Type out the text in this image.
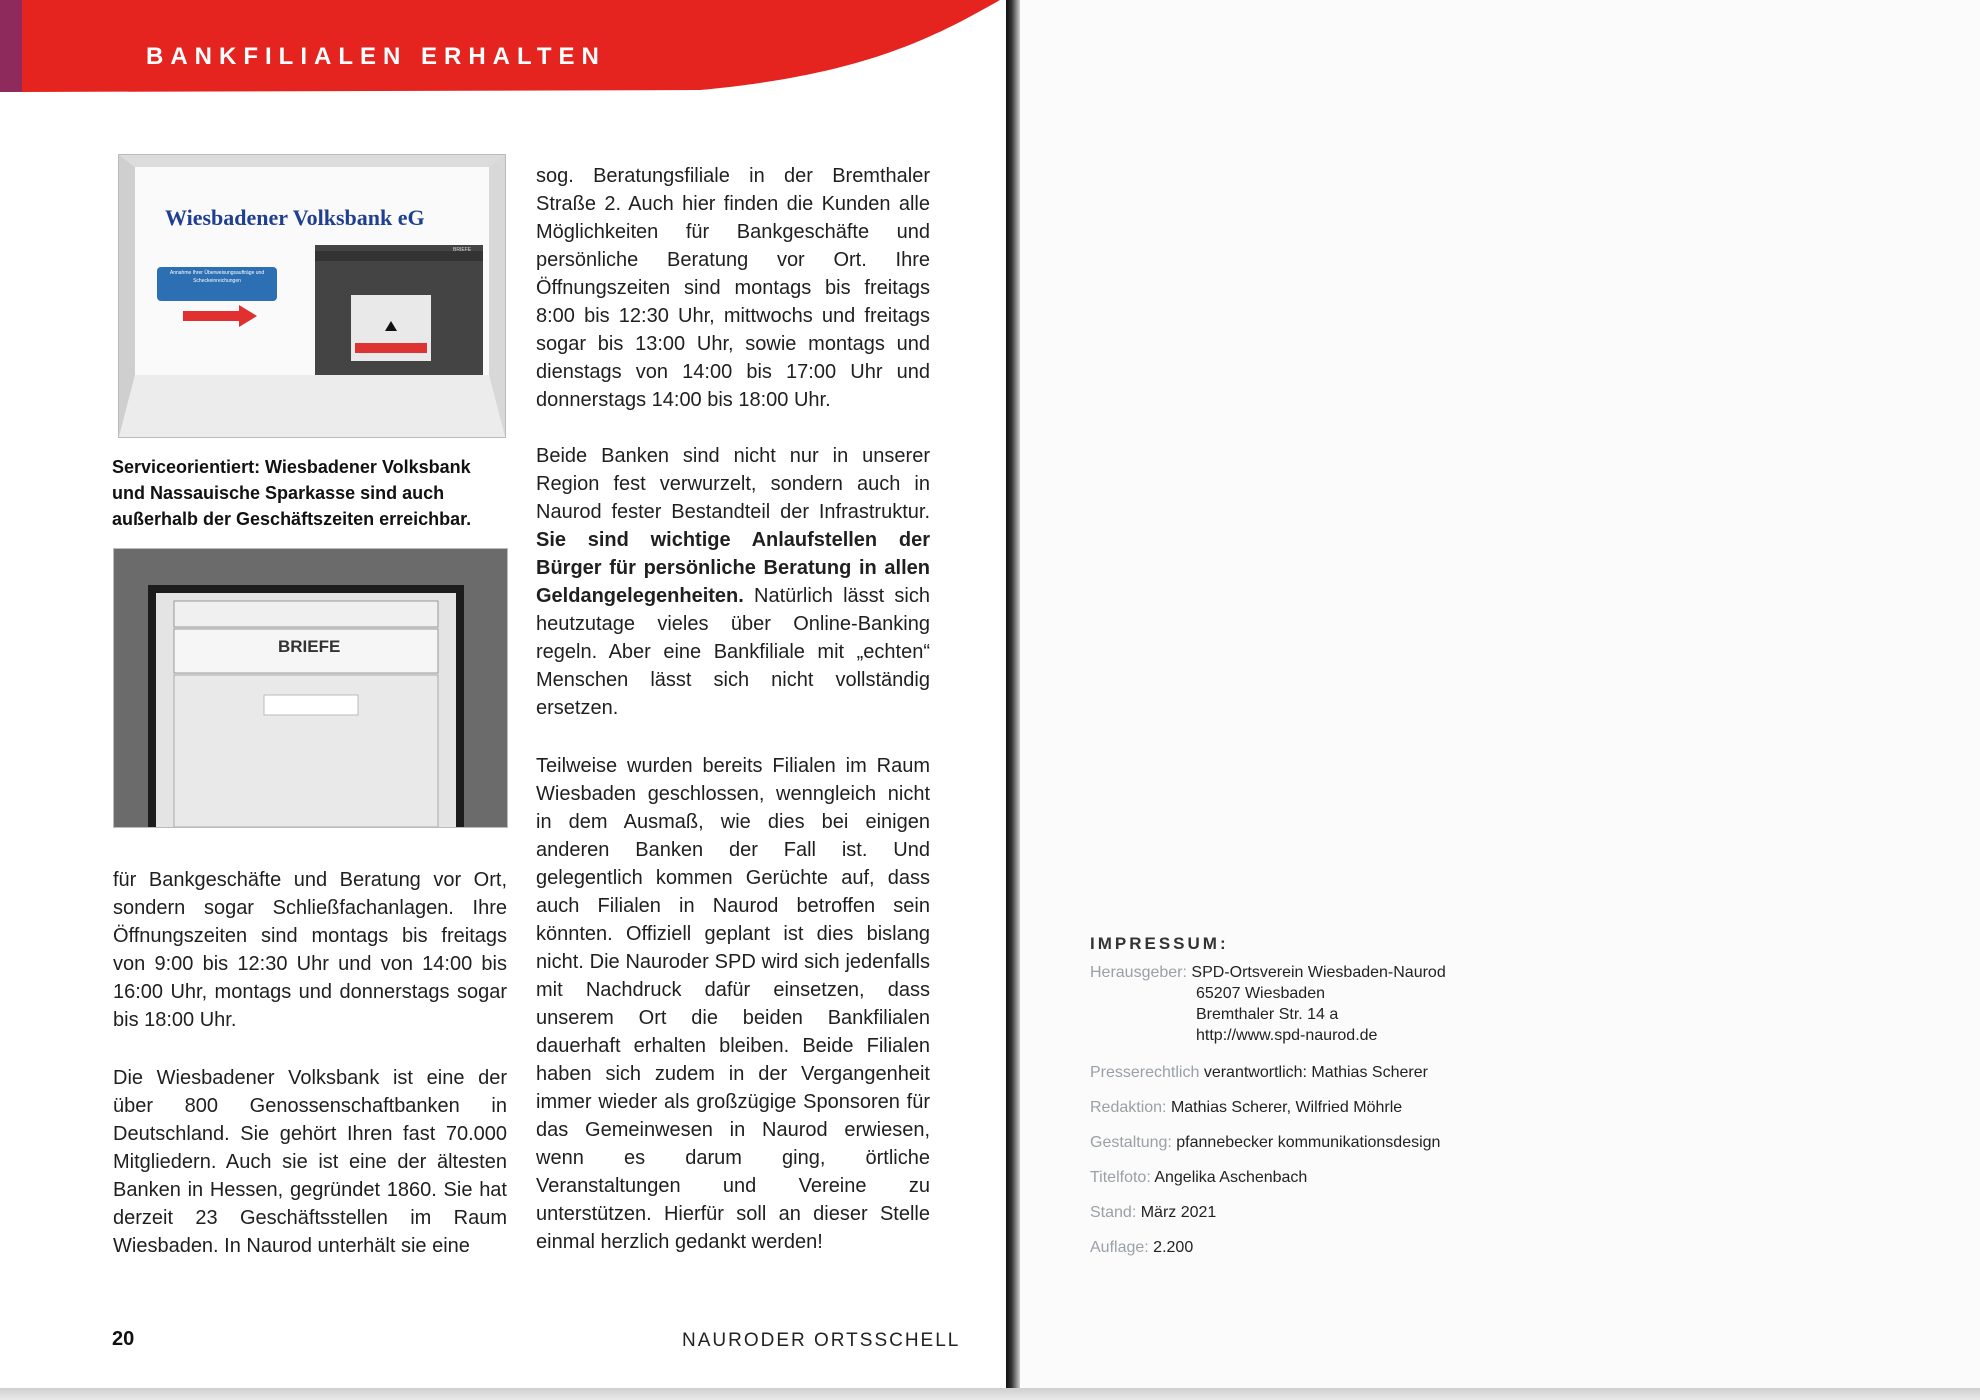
BANKFILIALEN ERHALTEN
Wiesbadener Volksbank eG
Annahme Ihrer Überweisungsaufträge und Scheckeinreichungen
BRIEFE

Serviceorientiert: Wiesbadener Volksbank und Nassauische Sparkasse sind auch außerhalb der Geschäftszeiten erreichbar.

BRIEFE

für Bankgeschäfte und Beratung vor Ort, sondern sogar Schließfachanlagen. Ihre Öffnungszeiten sind montags bis freitags von 9:00 bis 12:30 Uhr und von 14:00 bis 16:00 Uhr, montags und donnerstags sogar bis 18:00 Uhr.

Die Wiesbadener Volksbank ist eine der über 800 Genossenschaftbanken in Deutschland. Sie gehört Ihren fast 70.000 Mitgliedern. Auch sie ist eine der ältesten Banken in Hessen, gegründet 1860. Sie hat derzeit 23 Geschäftsstellen im Raum Wiesbaden. In Naurod unterhält sie eine

sog. Beratungsfiliale in der Bremthaler Straße 2. Auch hier finden die Kunden alle Möglichkeiten für Bankgeschäfte und persönliche Beratung vor Ort. Ihre Öffnungszeiten sind montags bis freitags 8:00 bis 12:30 Uhr, mittwochs und freitags sogar bis 13:00 Uhr, sowie montags und dienstags von 14:00 bis 17:00 Uhr und donnerstags 14:00 bis 18:00 Uhr.

Beide Banken sind nicht nur in unserer Region fest verwurzelt, sondern auch in Naurod fester Bestandteil der Infrastruktur. Sie sind wichtige Anlaufstellen der Bürger für persönliche Beratung in allen Geldangelegenheiten. Natürlich lässt sich heutzutage vieles über Online-Banking regeln. Aber eine Bankfiliale mit „echten“ Menschen lässt sich nicht vollständig ersetzen.

Teilweise wurden bereits Filialen im Raum Wiesbaden geschlossen, wenngleich nicht in dem Ausmaß, wie dies bei einigen anderen Banken der Fall ist. Und gelegentlich kommen Gerüchte auf, dass auch Filialen in Naurod betroffen sein könnten. Offiziell geplant ist dies bislang nicht. Die Nauroder SPD wird sich jedenfalls mit Nachdruck dafür einsetzen, dass unserem Ort die beiden Bankfilialen dauerhaft erhalten bleiben. Beide Filialen haben sich zudem in der Vergangenheit immer wieder als großzügige Sponsoren für das Gemeinwesen in Naurod erwiesen, wenn es darum ging, örtliche Veranstaltungen und Vereine zu unterstützen. Hierfür soll an dieser Stelle einmal herzlich gedankt werden!

20	NAURODER ORTSSCHELL
IMPRESSUM:
Herausgeber: SPD-Ortsverein Wiesbaden-Naurod
65207 Wiesbaden
Bremthaler Str. 14 a
http://www.spd-naurod.de
Presserechtlich verantwortlich: Mathias Scherer
Redaktion: Mathias Scherer, Wilfried Möhrle
Gestaltung: pfannebecker kommunikationsdesign
Titelfoto: Angelika Aschenbach
Stand: März 2021
Auflage: 2.200
